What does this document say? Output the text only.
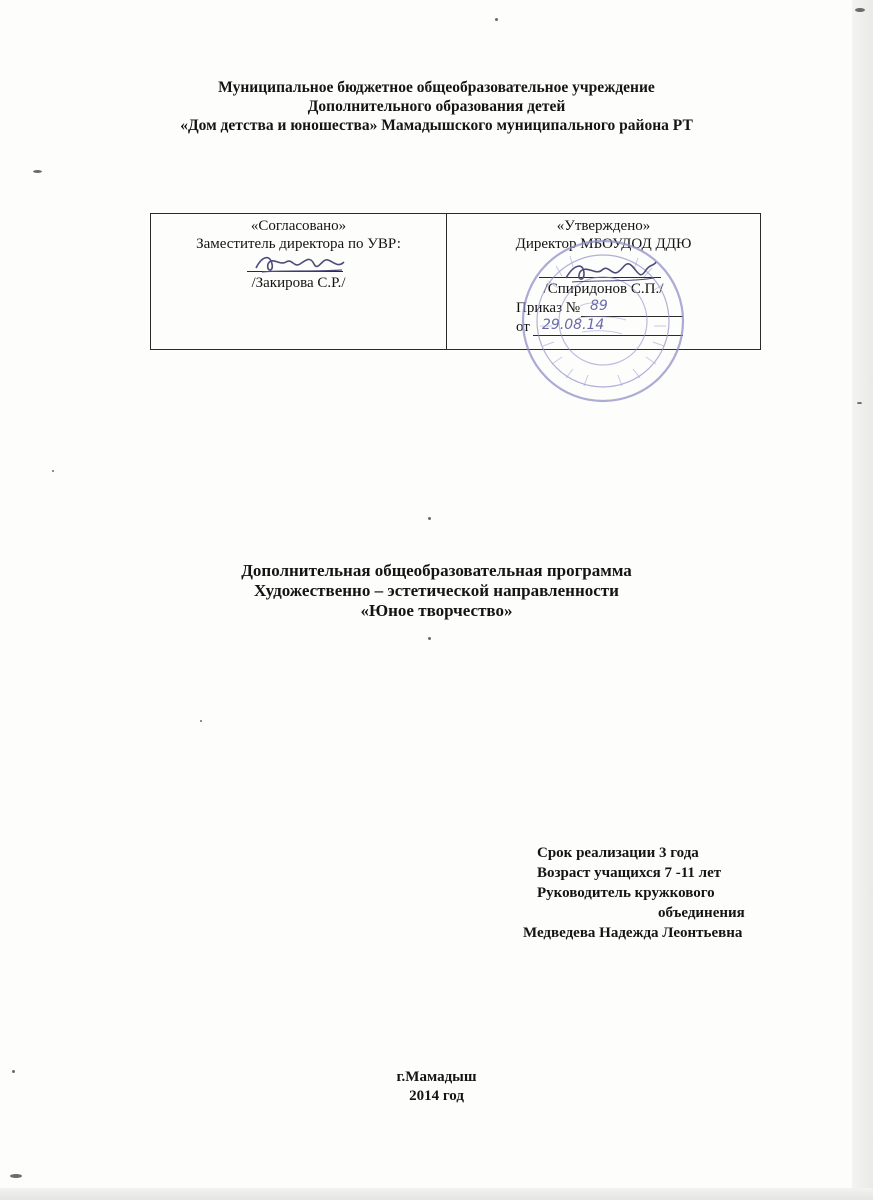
Муниципальное бюджетное общеобразовательное учреждение
Дополнительного образования детей
«Дом детства и юношества» Мамадышского муниципального района РТ
«Согласовано»
Заместитель директора по УВР:
/Закирова С.Р./
«Утверждено»
Директор МБОУДОД ДДЮ
/Спиридонов С.П./
Приказ №
от
89
29.08.14
Дополнительная общеобразовательная программа
Художественно – эстетической направленности
«Юное творчество»
Срок реализации 3 года
Возраст учащихся 7 -11 лет
Руководитель кружкового
объединения
Медведева Надежда Леонтьевна
г.Мамадыш
2014 год
